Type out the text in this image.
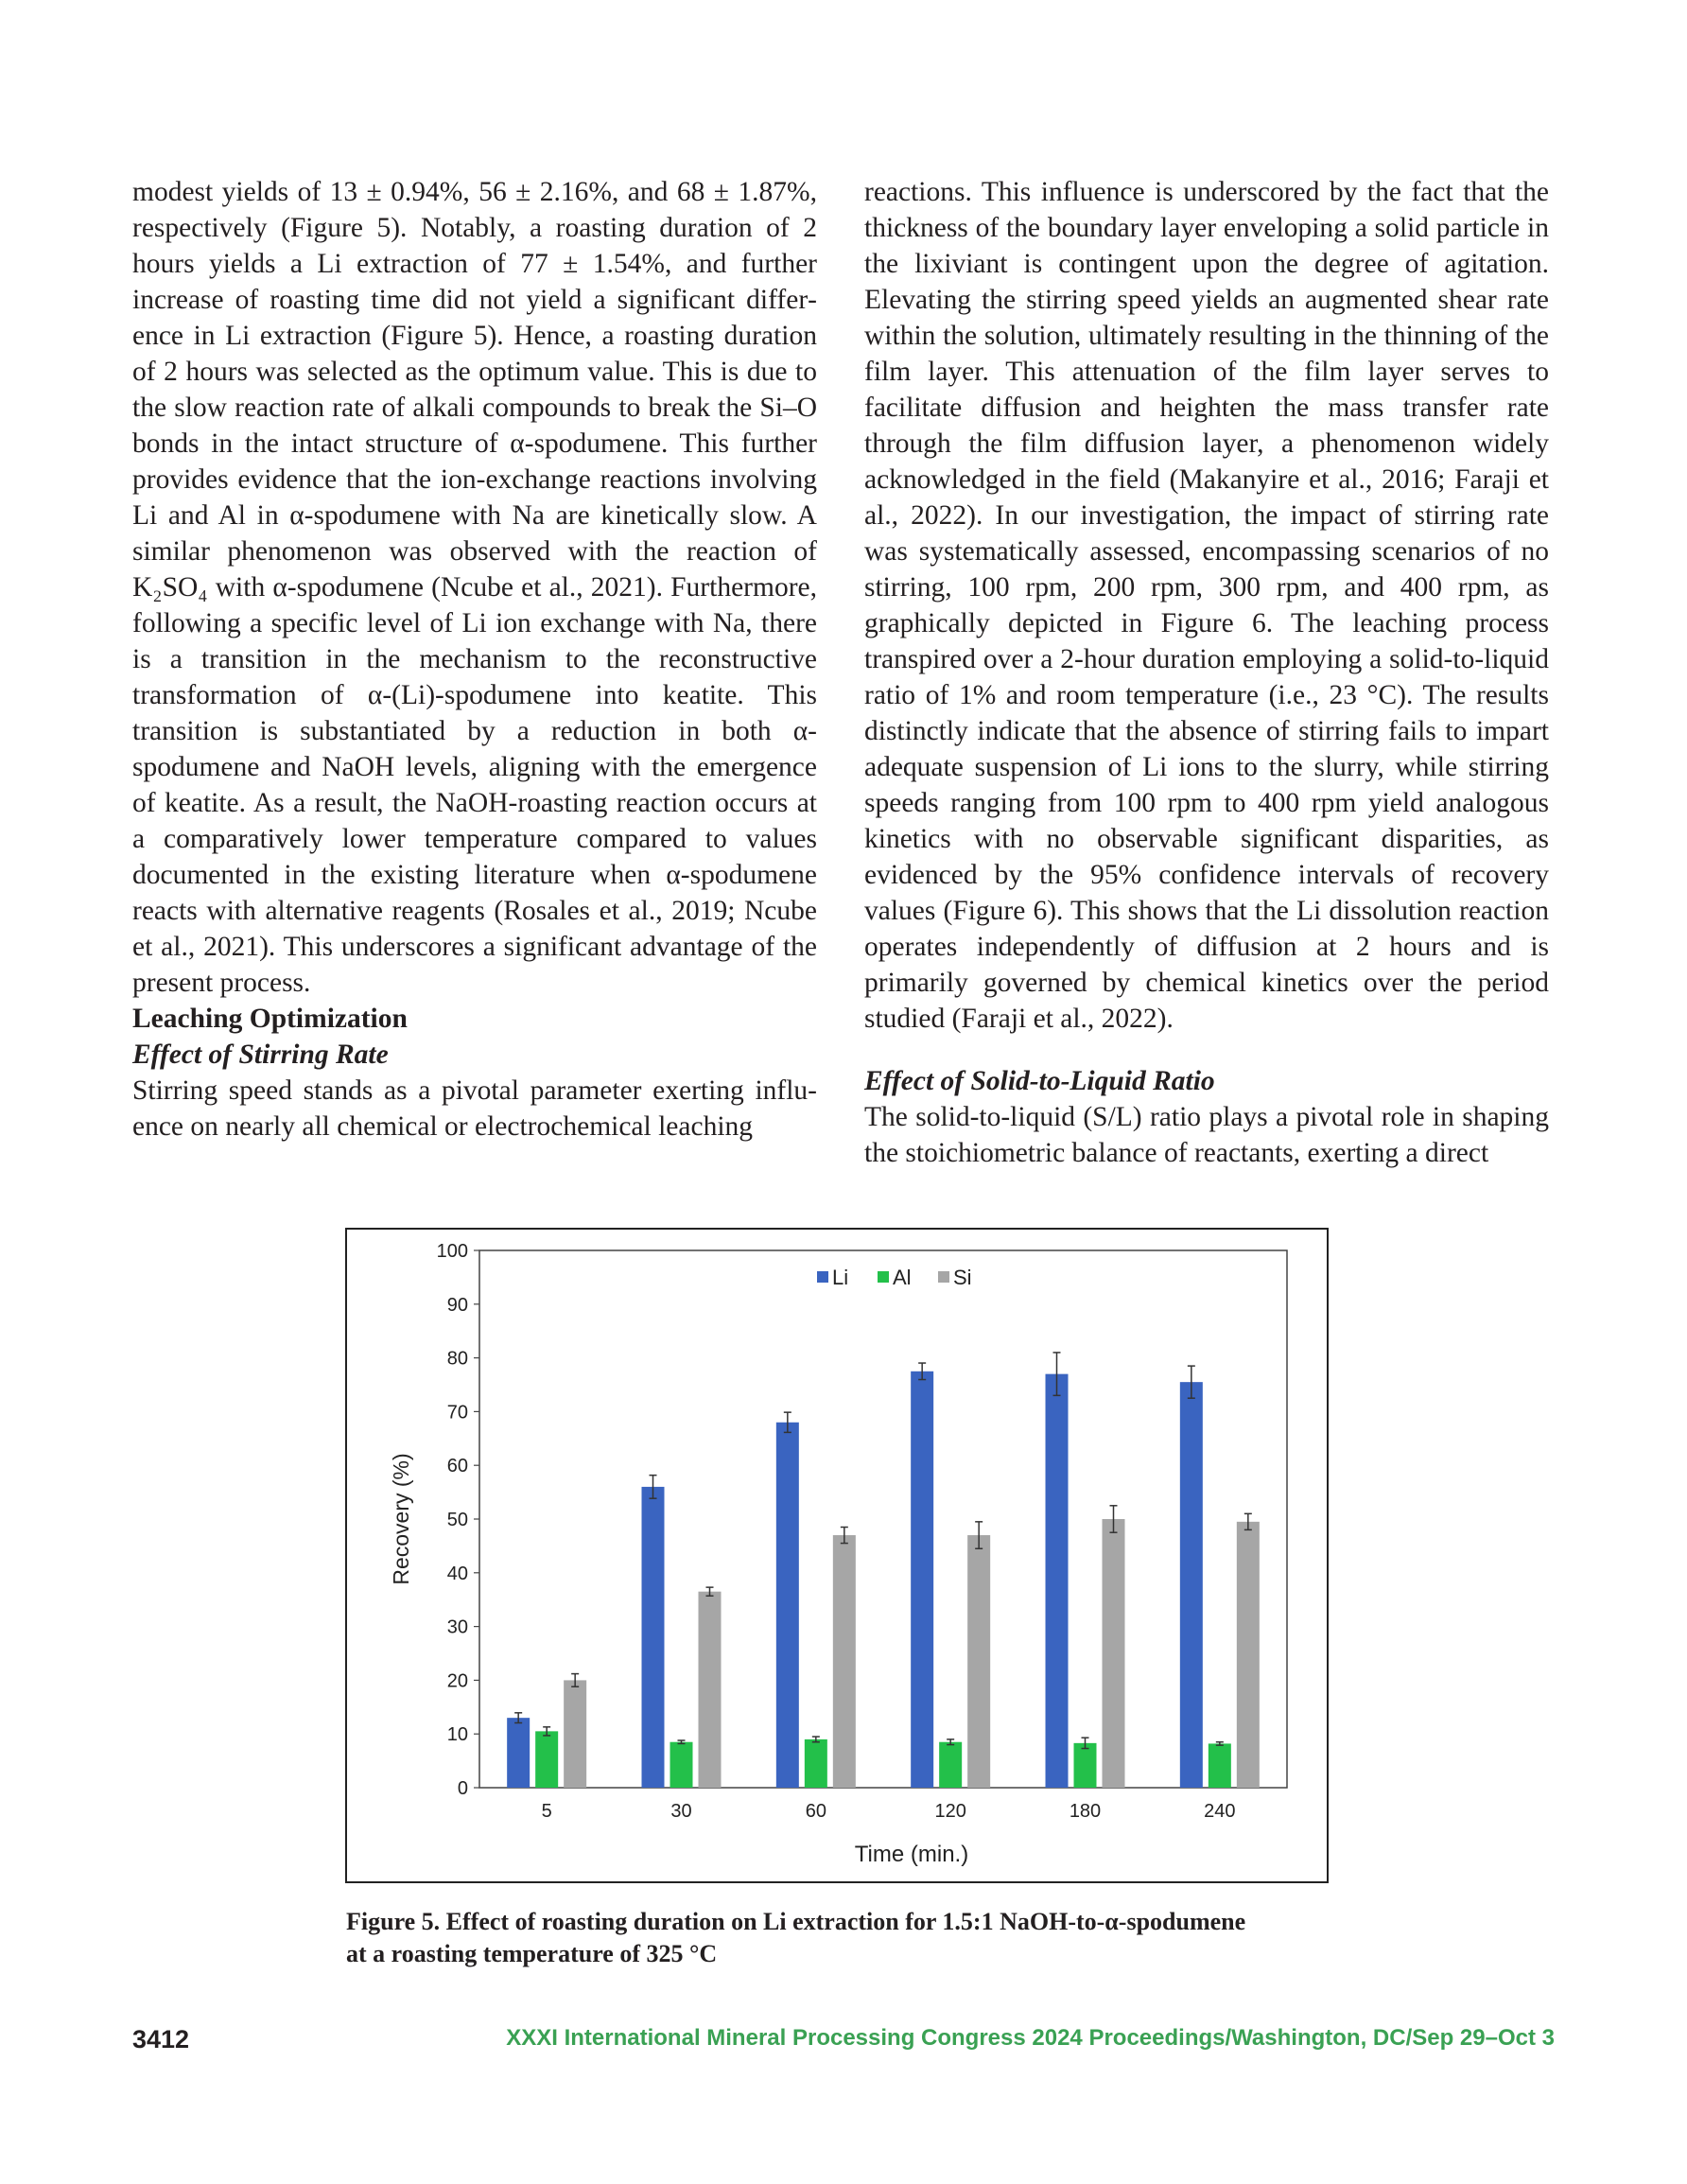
modest yields of 13 ± 0.94%, 56 ± 2.16%, and 68 ± 1.87%, respectively (Figure 5). Notably, a roasting duration of 2 hours yields a Li extraction of 77 ± 1.54%, and further increase of roasting time did not yield a significant difference in Li extraction (Figure 5). Hence, a roasting duration of 2 hours was selected as the optimum value. This is due to the slow reaction rate of alkali compounds to break the Si–O bonds in the intact structure of α-spodumene. This further provides evidence that the ion-exchange reactions involving Li and Al in α-spodumene with Na are kinetically slow. A similar phenomenon was observed with the reaction of K₂SO₄ with α-spodumene (Ncube et al., 2021). Furthermore, following a specific level of Li ion exchange with Na, there is a transition in the mechanism to the reconstructive transformation of α-(Li)-spodumene into keatite. This transition is substantiated by a reduction in both α-spodumene and NaOH levels, aligning with the emergence of keatite. As a result, the NaOH-roasting reaction occurs at a comparatively lower temperature compared to values documented in the existing literature when α-spodumene reacts with alternative reagents (Rosales et al., 2019; Ncube et al., 2021). This underscores a significant advantage of the present process.

Leaching Optimization

Effect of Stirring Rate

Stirring speed stands as a pivotal parameter exerting influence on nearly all chemical or electrochemical leaching

reactions. This influence is underscored by the fact that the thickness of the boundary layer enveloping a solid particle in the lixiviant is contingent upon the degree of agitation. Elevating the stirring speed yields an augmented shear rate within the solution, ultimately resulting in the thinning of the film layer. This attenuation of the film layer serves to facilitate diffusion and heighten the mass transfer rate through the film diffusion layer, a phenomenon widely acknowledged in the field (Makanyire et al., 2016; Faraji et al., 2022). In our investigation, the impact of stirring rate was systematically assessed, encompassing scenarios of no stirring, 100 rpm, 200 rpm, 300 rpm, and 400 rpm, as graphically depicted in Figure 6. The leaching process transpired over a 2-hour duration employing a solid-to-liquid ratio of 1% and room temperature (i.e., 23 °C). The results distinctly indicate that the absence of stirring fails to impart adequate suspension of Li ions to the slurry, while stirring speeds ranging from 100 rpm to 400 rpm yield analogous kinetics with no observable significant disparities, as evidenced by the 95% confidence intervals of recovery values (Figure 6). This shows that the Li dissolution reaction operates independently of diffusion at 2 hours and is primarily governed by chemical kinetics over the period studied (Faraji et al., 2022).

Effect of Solid-to-Liquid Ratio

The solid-to-liquid (S/L) ratio plays a pivotal role in shaping the stoichiometric balance of reactants, exerting a direct

0
10
20
30
40
50
60
70
80
90
100
Recovery (%)
5	30	60	120	180	240
Time (min.)
Li Al Si
Figure 5. Effect of roasting duration on Li extraction for 1.5:1 NaOH-to-α-spodumene
at a roasting temperature of 325 °C
3412	XXXI International Mineral Processing Congress 2024 Proceedings/Washington, DC/Sep 29–Oct 3
